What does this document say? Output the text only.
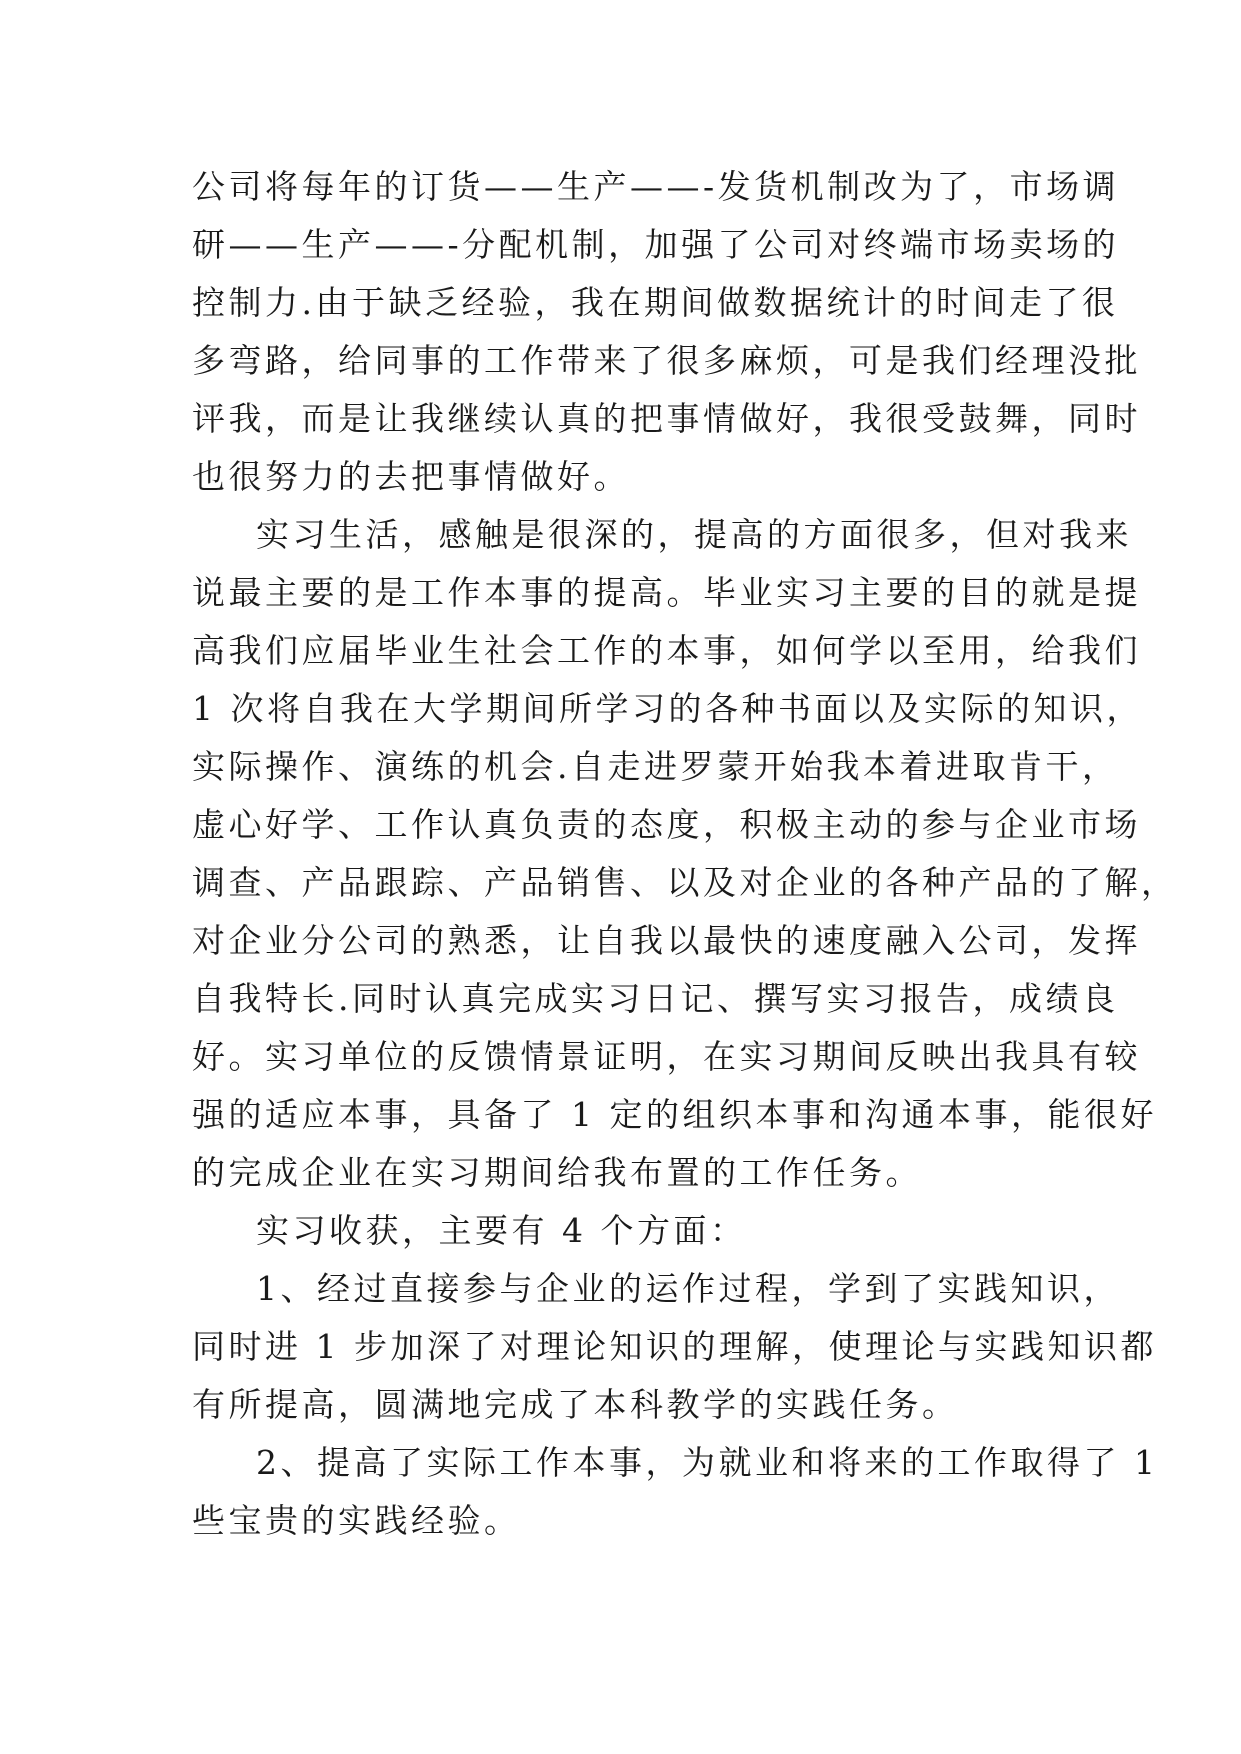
公司将每年的订货——生产——-发货机制改为了，市场调
研——生产——-分配机制，加强了公司对终端市场卖场的
控制力.由于缺乏经验，我在期间做数据统计的时间走了很
多弯路，给同事的工作带来了很多麻烦，可是我们经理没批
评我，而是让我继续认真的把事情做好，我很受鼓舞，同时
也很努力的去把事情做好。
实习生活，感触是很深的，提高的方面很多，但对我来
说最主要的是工作本事的提高。毕业实习主要的目的就是提
高我们应届毕业生社会工作的本事，如何学以至用，给我们
1 次将自我在大学期间所学习的各种书面以及实际的知识，
实际操作、演练的机会.自走进罗蒙开始我本着进取肯干，
虚心好学、工作认真负责的态度，积极主动的参与企业市场
调查、产品跟踪、产品销售、以及对企业的各种产品的了解，
对企业分公司的熟悉，让自我以最快的速度融入公司，发挥
自我特长.同时认真完成实习日记、撰写实习报告，成绩良
好。实习单位的反馈情景证明，在实习期间反映出我具有较
强的适应本事，具备了 1 定的组织本事和沟通本事，能很好
的完成企业在实习期间给我布置的工作任务。
实习收获，主要有 4 个方面：
1、经过直接参与企业的运作过程，学到了实践知识，
同时进 1 步加深了对理论知识的理解，使理论与实践知识都
有所提高，圆满地完成了本科教学的实践任务。
2、提高了实际工作本事，为就业和将来的工作取得了 1
些宝贵的实践经验。
